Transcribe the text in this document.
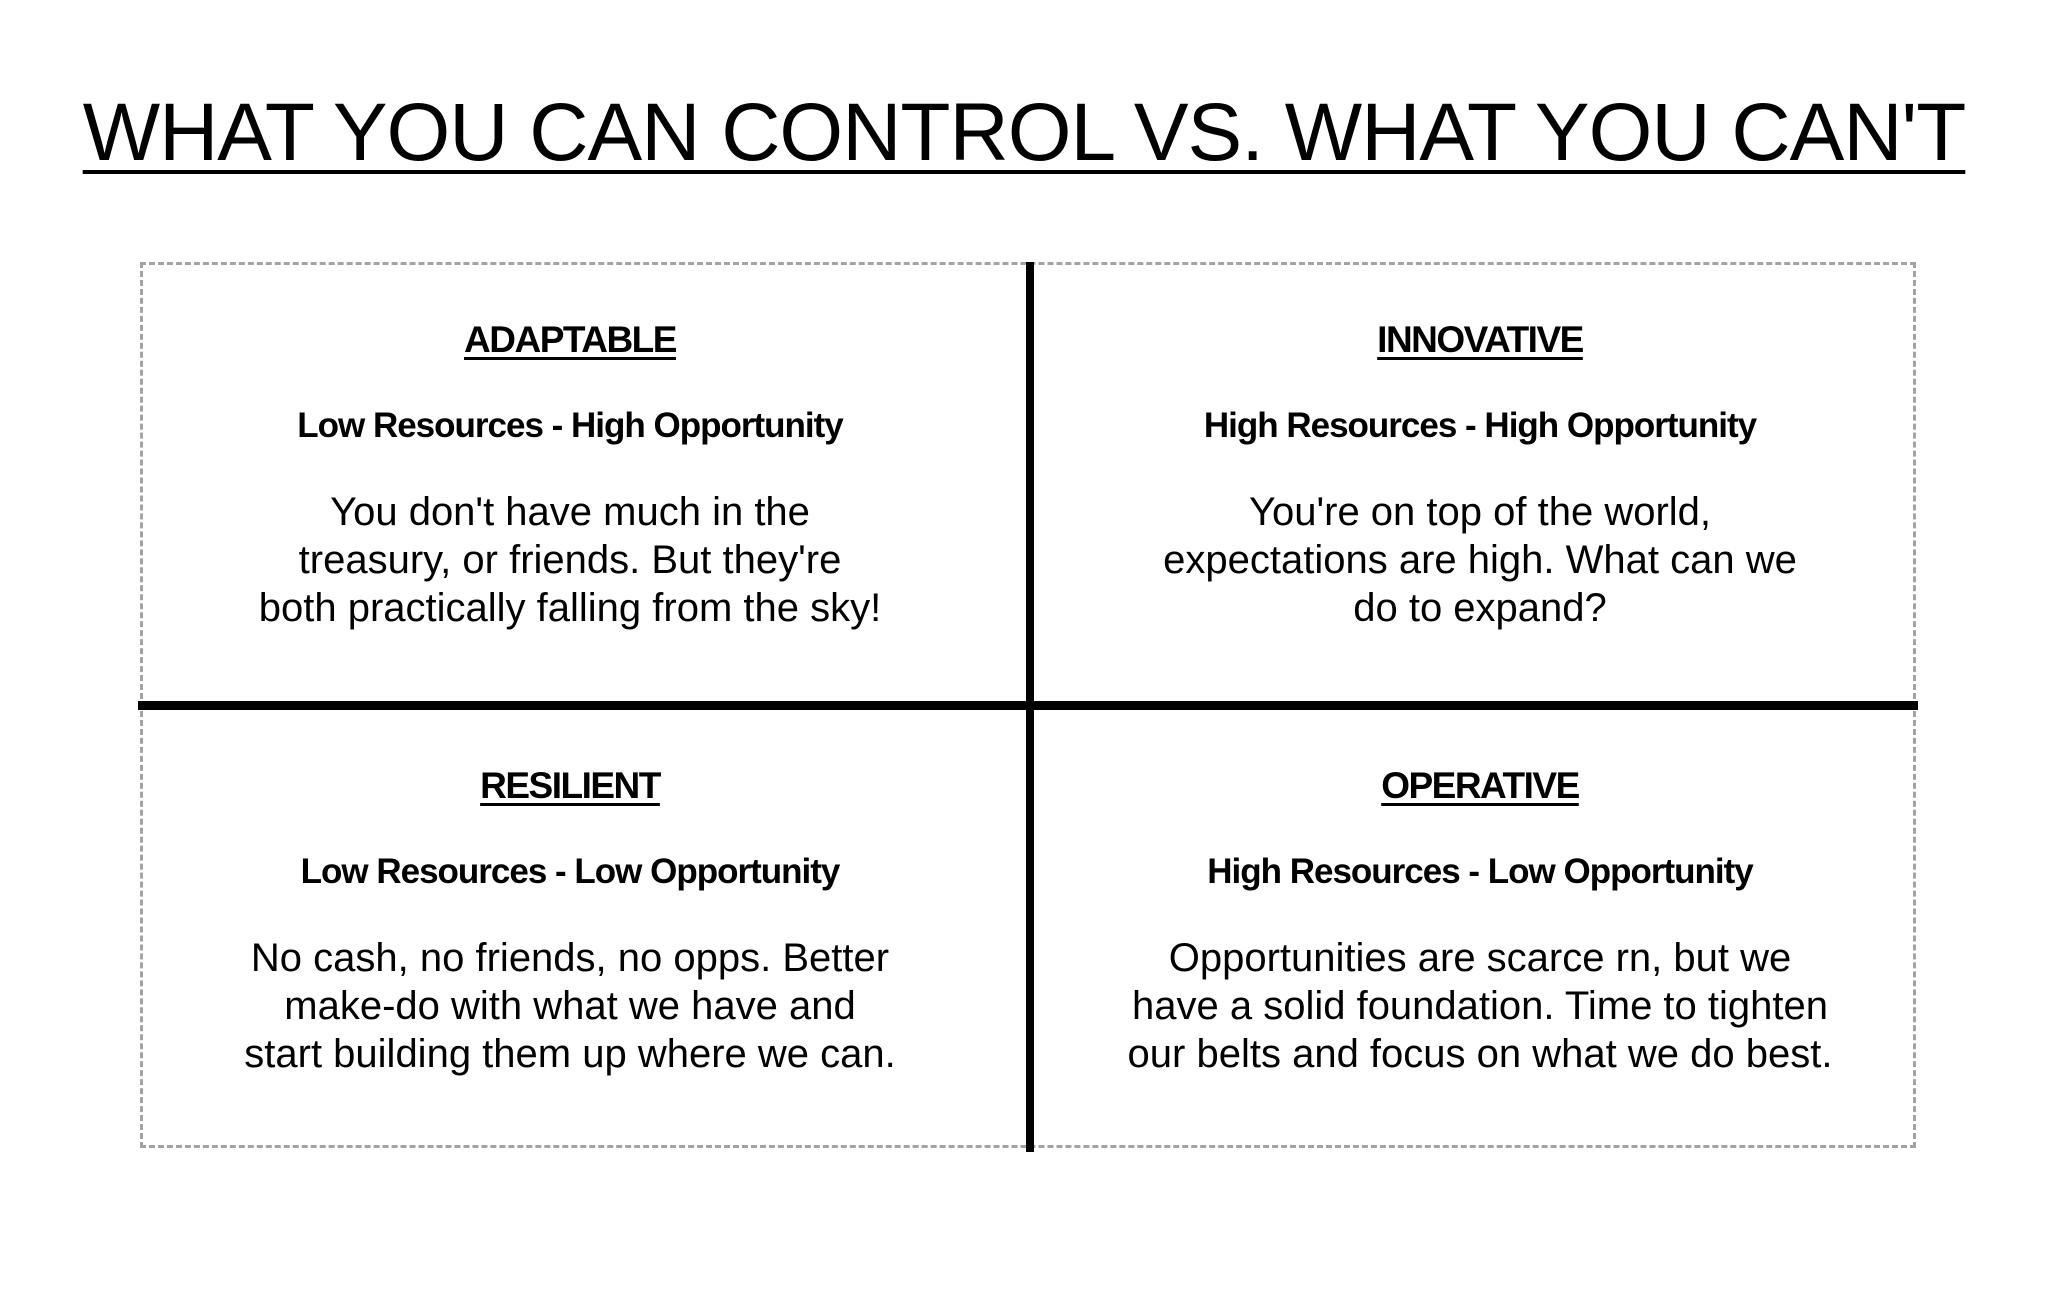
WHAT YOU CAN CONTROL VS. WHAT YOU CAN'T
ADAPTABLE
Low Resources - High Opportunity
You don't have much in the
treasury, or friends. But they're
both practically falling from the sky!
INNOVATIVE
High Resources - High Opportunity
You're on top of the world,
expectations are high. What can we
do to expand?
RESILIENT
Low Resources - Low Opportunity
No cash, no friends, no opps. Better
make-do with what we have and
start building them up where we can.
OPERATIVE
High Resources - Low Opportunity
Opportunities are scarce rn, but we
have a solid foundation. Time to tighten
our belts and focus on what we do best.
